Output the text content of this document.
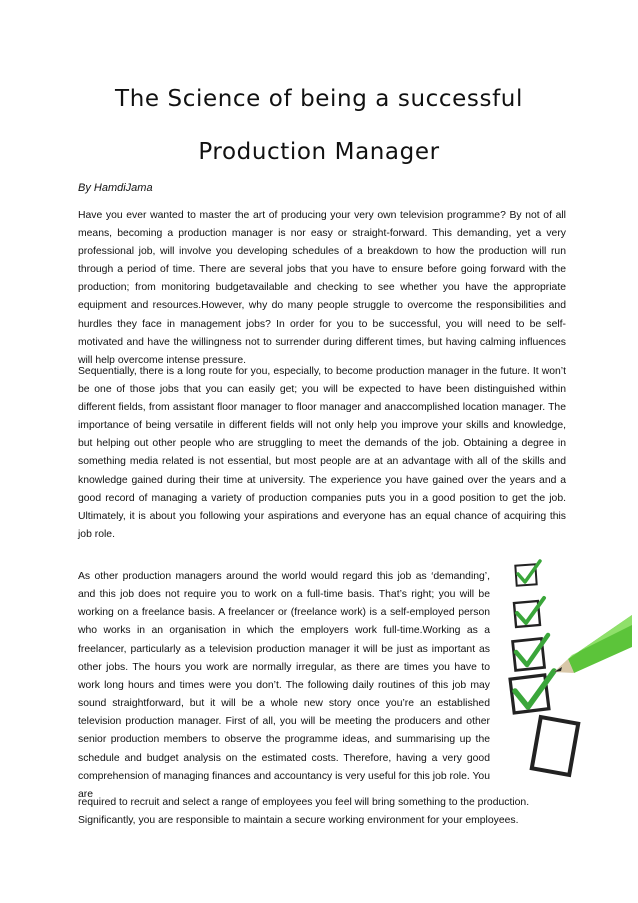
The Science of being a successful
Production Manager

By HamdiJama

Have you ever wanted to master the art of producing your very own television programme? By not of all means, becoming a production manager is nor easy or straight-forward. This demanding, yet a very professional job, will involve you developing schedules of a breakdown to how the production will run through a period of time. There are several jobs that you have to ensure before going forward with the production; from monitoring budgetavailable and checking to see whether you have the appropriate equipment and resources.However, why do many people struggle to overcome the responsibilities and hurdles they face in management jobs? In order for you to be successful, you will need to be self-motivated and have the willingness not to surrender during different times, but having calming influences will help overcome intense pressure.

Sequentially, there is a long route for you, especially, to become production manager in the future. It won’t be one of those jobs that you can easily get; you will be expected to have been distinguished within different fields, from assistant floor manager to floor manager and anaccomplished location manager. The importance of being versatile in different fields will not only help you improve your skills and knowledge, but helping out other people who are struggling to meet the demands of the job. Obtaining a degree in something media related is not essential, but most people are at an advantage with all of the skills and knowledge gained during their time at university. The experience you have gained over the years and a good record of managing a variety of production companies puts you in a good position to get the job. Ultimately, it is about you following your aspirations and everyone has an equal chance of acquiring this job role.

As other production managers around the world would regard this job as ‘demanding’, and this job does not require you to work on a full-time basis. That’s right; you will be working on a freelance basis. A freelancer or (freelance work) is a self-employed person who works in an organisation in which the employers work full-time.Working as a freelancer, particularly as a television production manager it will be just as important as other jobs. The hours you work are normally irregular, as there are times you have to work long hours and times were you don’t. The following daily routines of this job may sound straightforward, but it will be a whole new story once you’re an established television production manager. First of all, you will be meeting the producers and other senior production members to observe the programme ideas, and summarising up the schedule and budget analysis on the estimated costs. Therefore, having a very good comprehension of managing finances and accountancy is very useful for this job role. You are

required to recruit and select a range of employees you feel will bring something to the production.

Significantly, you are responsible to maintain a secure working environment for your employees.
